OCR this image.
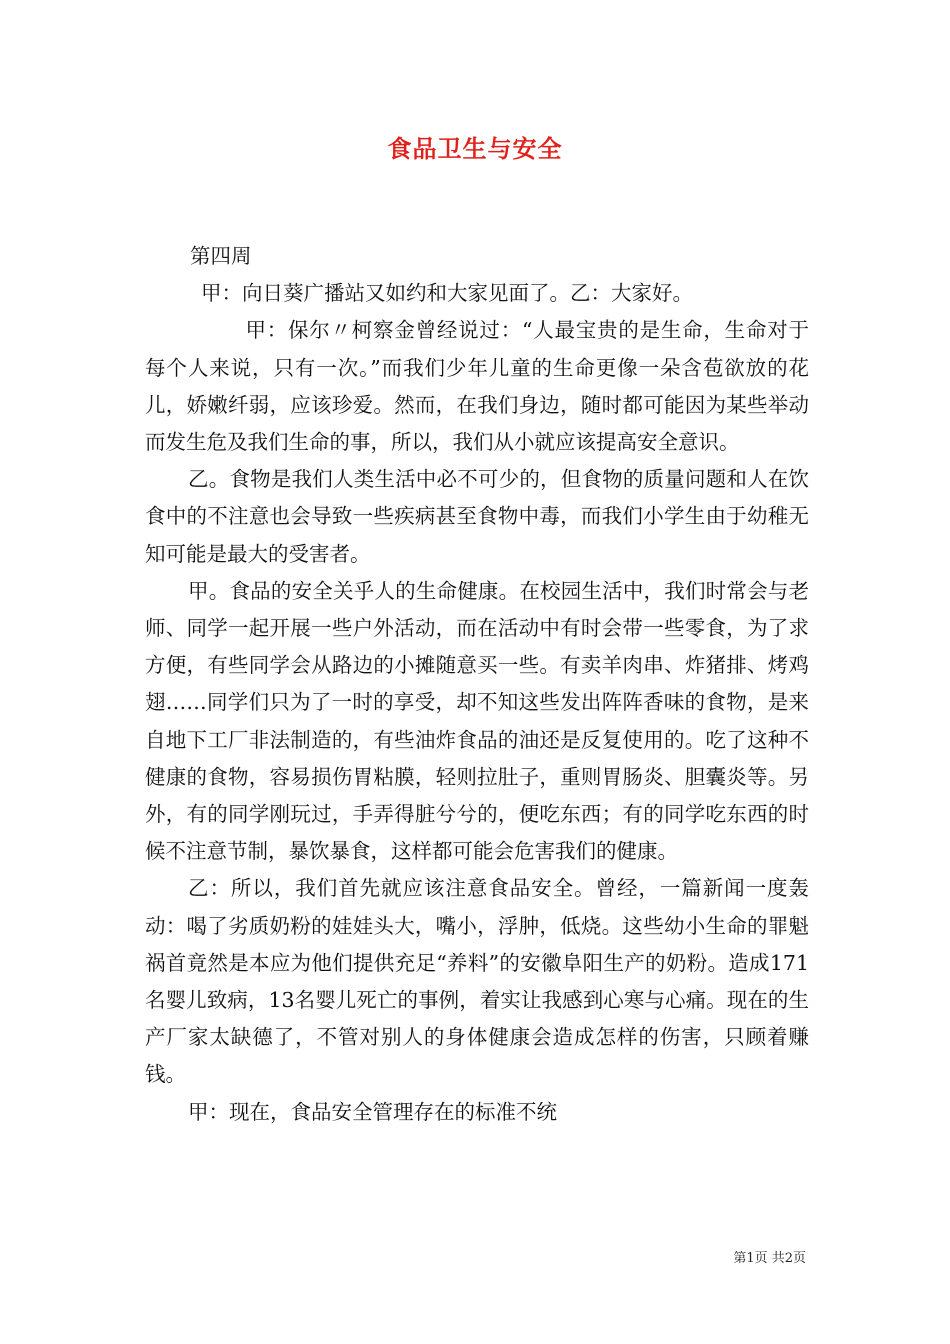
食品卫生与安全

第四周

甲：向日葵广播站又如约和大家见面了。乙：大家好。

甲：保尔〃柯察金曾经说过：“人最宝贵的是生命，生命对于每个人来说，只有一次。”而我们少年儿童的生命更像一朵含苞欲放的花儿，娇嫩纤弱，应该珍爱。然而，在我们身边，随时都可能因为某些举动而发生危及我们生命的事，所以，我们从小就应该提高安全意识。

乙。食物是我们人类生活中必不可少的，但食物的质量问题和人在饮食中的不注意也会导致一些疾病甚至食物中毒，而我们小学生由于幼稚无知可能是最大的受害者。

甲。食品的安全关乎人的生命健康。在校园生活中，我们时常会与老师、同学一起开展一些户外活动，而在活动中有时会带一些零食，为了求方便，有些同学会从路边的小摊随意买一些。有卖羊肉串、炸猪排、烤鸡翅……同学们只为了一时的享受，却不知这些发出阵阵香味的食物，是来自地下工厂非法制造的，有些油炸食品的油还是反复使用的。吃了这种不健康的食物，容易损伤胃粘膜，轻则拉肚子，重则胃肠炎、胆囊炎等。另外，有的同学刚玩过，手弄得脏兮兮的，便吃东西；有的同学吃东西的时候不注意节制，暴饮暴食，这样都可能会危害我们的健康。

乙：所以，我们首先就应该注意食品安全。曾经，一篇新闻一度轰动：喝了劣质奶粉的娃娃头大，嘴小，浮肿，低烧。这些幼小生命的罪魁祸首竟然是本应为他们提供充足“养料”的安徽阜阳生产的奶粉。造成171名婴儿致病，13名婴儿死亡的事例，着实让我感到心寒与心痛。现在的生产厂家太缺德了，不管对别人的身体健康会造成怎样的伤害，只顾着赚钱。

甲：现在，食品安全管理存在的标准不统

第1页 共2页
